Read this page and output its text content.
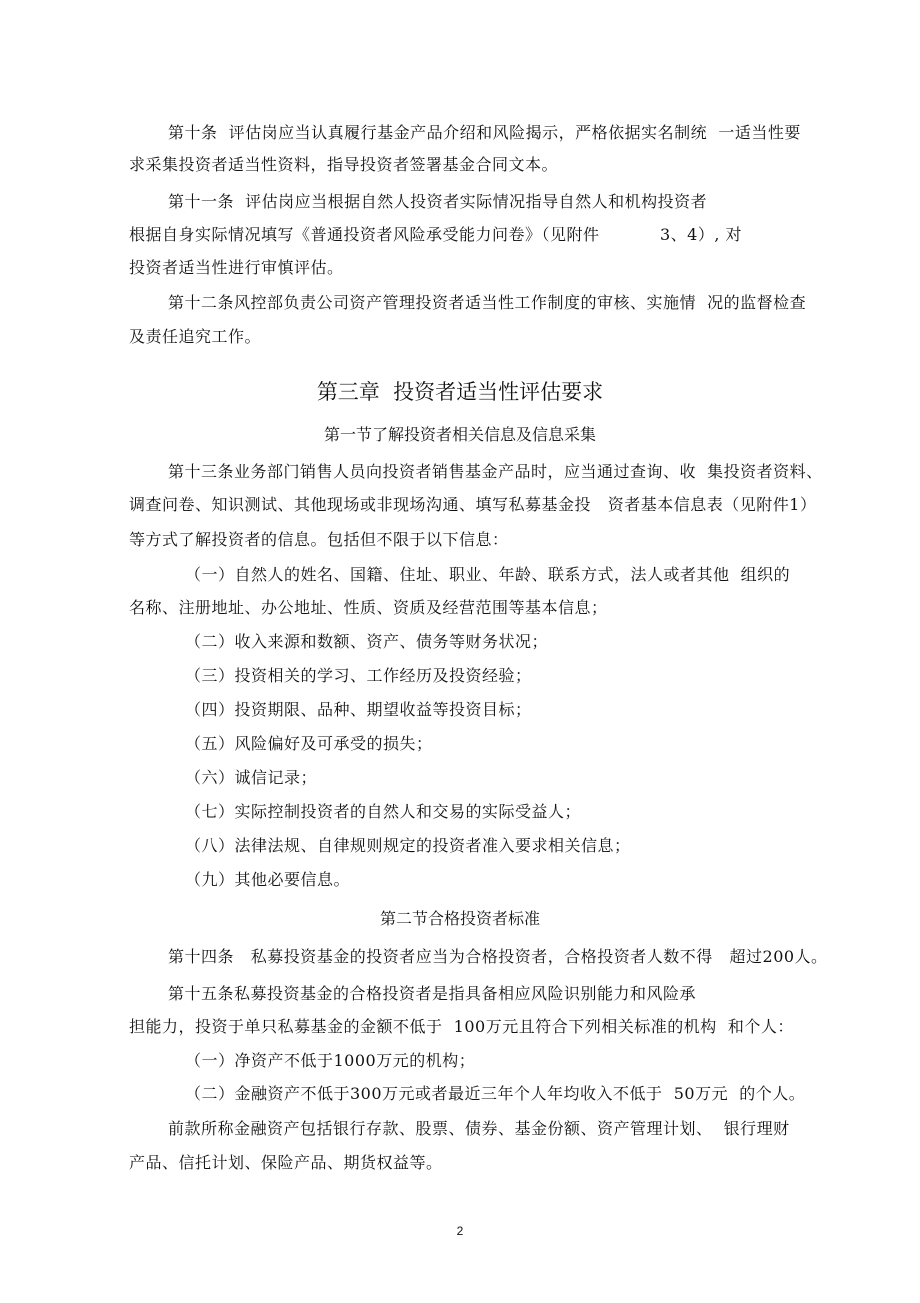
第十条  评估岗应当认真履行基金产品介绍和风险揭示，严格依据实名制统  一适当性要
求采集投资者适当性资料，指导投资者签署基金合同文本。
第十一条  评估岗应当根据自然人投资者实际情况指导自然人和机构投资者
根据自身实际情况填写《普通投资者风险承受能力问卷》（见附件	3、4）, 对
投资者适当性进行审慎评估。
第十二条风控部负责公司资产管理投资者适当性工作制度的审核、实施情  况的监督检查
及责任追究工作。
第三章  投资者适当性评估要求
第一节了解投资者相关信息及信息采集
第十三条业务部门销售人员向投资者销售基金产品时，应当通过查询、收  集投资者资料、
调查问卷、知识测试、其他现场或非现场沟通、填写私募基金投   资者基本信息表（见附件1）
等方式了解投资者的信息。包括但不限于以下信息：
（一）自然人的姓名、国籍、住址、职业、年龄、联系方式，法人或者其他  组织的
名称、注册地址、办公地址、性质、资质及经营范围等基本信息；
（二）收入来源和数额、资产、债务等财务状况；
（三）投资相关的学习、工作经历及投资经验；
（四）投资期限、品种、期望收益等投资目标；
（五）风险偏好及可承受的损失；
（六）诚信记录；
（七）实际控制投资者的自然人和交易的实际受益人；
（八）法律法规、自律规则规定的投资者准入要求相关信息；
（九）其他必要信息。
第二节合格投资者标准
第十四条   私募投资基金的投资者应当为合格投资者，合格投资者人数不得   超过200人。
第十五条私募投资基金的合格投资者是指具备相应风险识别能力和风险承
担能力，投资于单只私募基金的金额不低于  100万元且符合下列相关标准的机构  和个人：
（一）净资产不低于1000万元的机构；
（二）金融资产不低于300万元或者最近三年个人年均收入不低于  50万元  的个人。
前款所称金融资产包括银行存款、股票、债券、基金份额、资产管理计划、  银行理财
产品、信托计划、保险产品、期货权益等。
2
